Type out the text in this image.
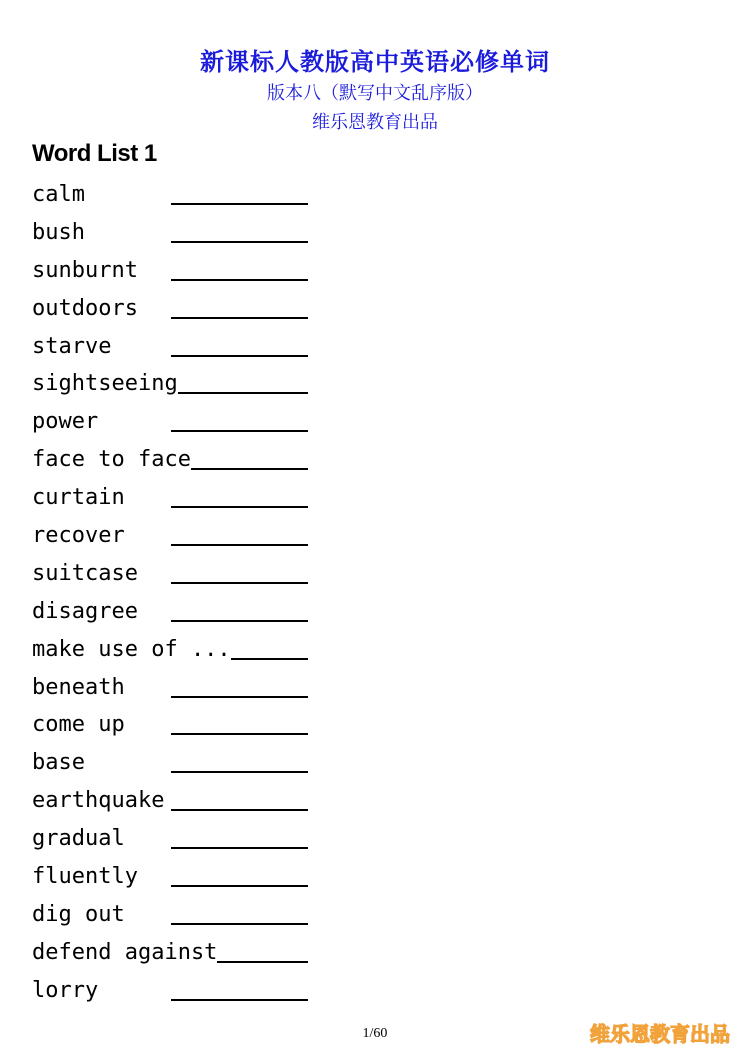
新课标人教版高中英语必修单词
版本八（默写中文乱序版）
维乐恩教育出品
Word List 1
calm
bush
sunburnt
outdoors
starve
sightseeing
power
face to face
curtain
recover
suitcase
disagree
make use of ...
beneath
come up
base
earthquake
gradual
fluently
dig out
defend against
lorry
1/60	维乐恩教育出品
